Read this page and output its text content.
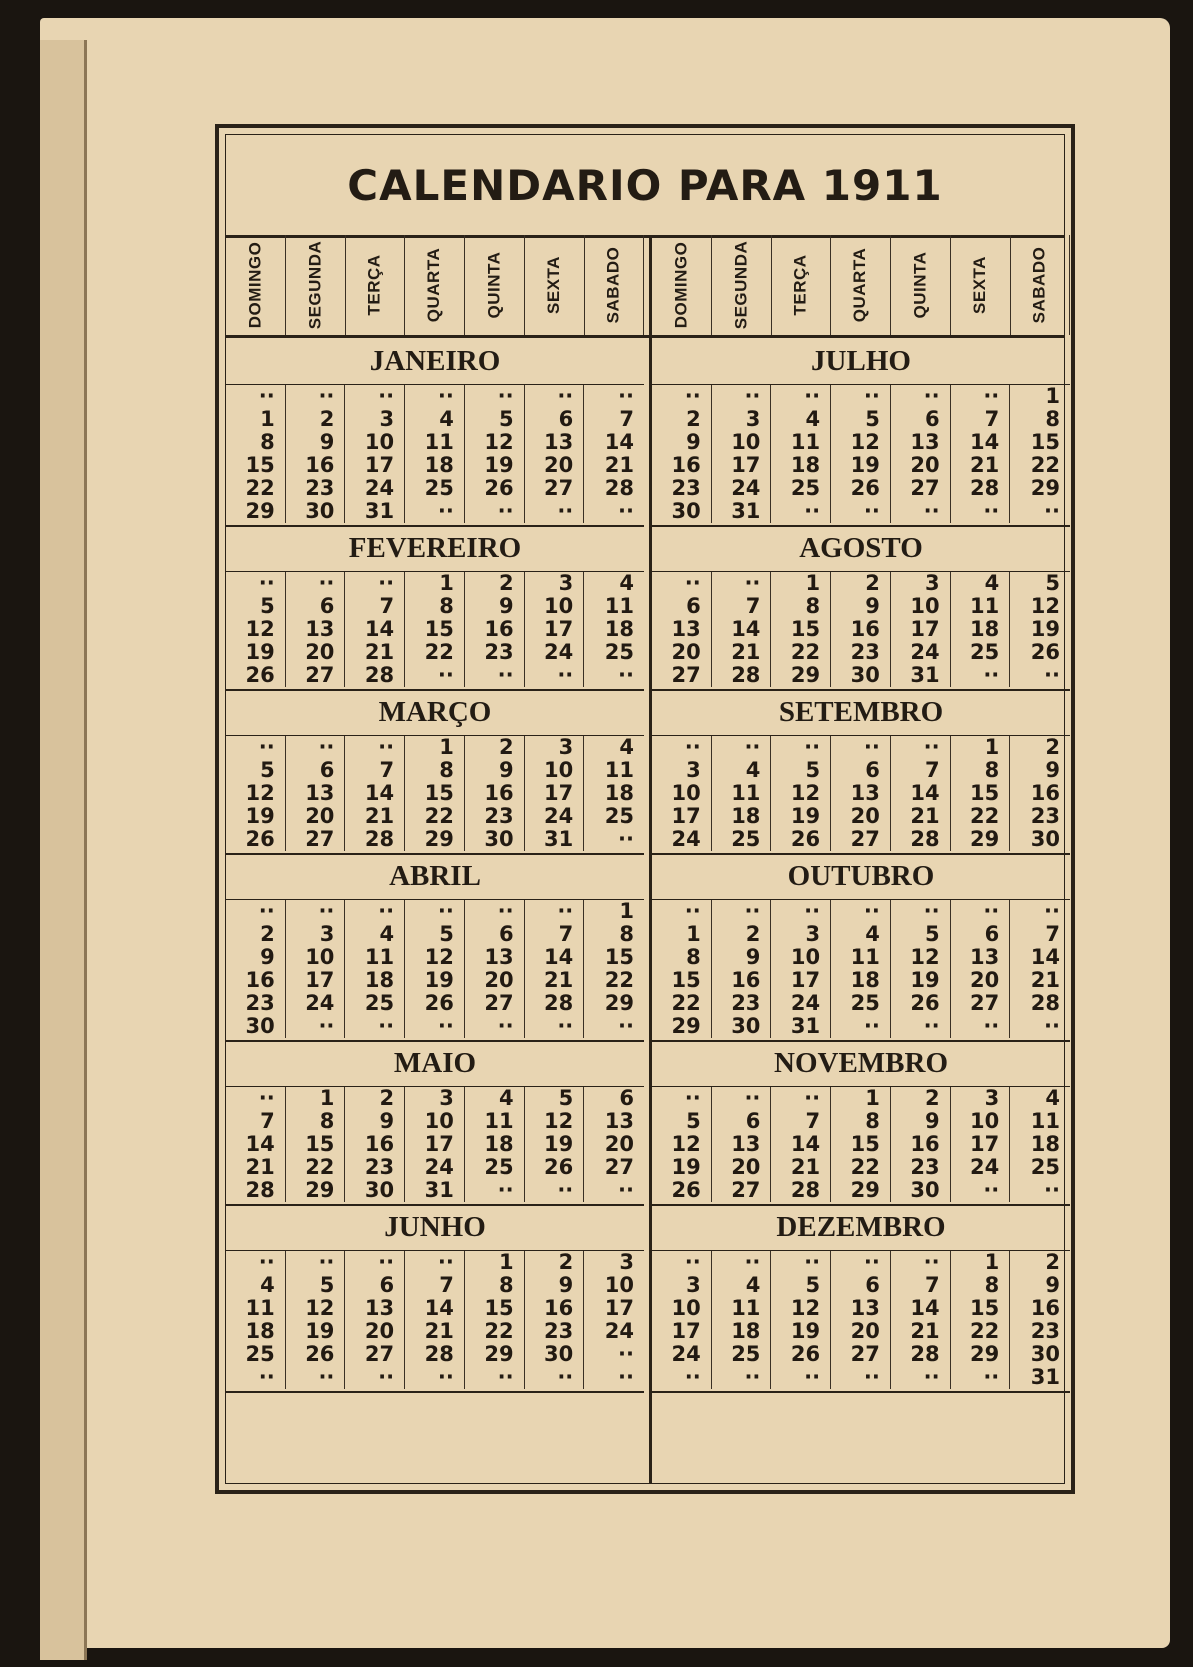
CALENDARIO PARA 1911
DOMINGO SEGUNDA TERÇA QUARTA QUINTA SEXTA SABADO	DOMINGO SEGUNDA TERÇA QUARTA QUINTA SEXTA SABADO
JANEIRO
··	··	··	··	··	··	··
1	2	3	4	5	6	7
8	9	10	11	12	13	14
15	16	17	18	19	20	21
22	23	24	25	26	27	28
29	30	31	··	··	··	··
JULHO
··	··	··	··	··	··	1
2	3	4	5	6	7	8
9	10	11	12	13	14	15
16	17	18	19	20	21	22
23	24	25	26	27	28	29
30	31	··	··	··	··	··
FEVEREIRO
··	··	··	1	2	3	4
5	6	7	8	9	10	11
12	13	14	15	16	17	18
19	20	21	22	23	24	25
26	27	28	··	··	··	··
AGOSTO
··	··	1	2	3	4	5
6	7	8	9	10	11	12
13	14	15	16	17	18	19
20	21	22	23	24	25	26
27	28	29	30	31	··	··
MARÇO
··	··	··	1	2	3	4
5	6	7	8	9	10	11
12	13	14	15	16	17	18
19	20	21	22	23	24	25
26	27	28	29	30	31	··
SETEMBRO
··	··	··	··	··	1	2
3	4	5	6	7	8	9
10	11	12	13	14	15	16
17	18	19	20	21	22	23
24	25	26	27	28	29	30
ABRIL
··	··	··	··	··	··	1
2	3	4	5	6	7	8
9	10	11	12	13	14	15
16	17	18	19	20	21	22
23	24	25	26	27	28	29
30	··	··	··	··	··	··
OUTUBRO
··	··	··	··	··	··	··
1	2	3	4	5	6	7
8	9	10	11	12	13	14
15	16	17	18	19	20	21
22	23	24	25	26	27	28
29	30	31	··	··	··	··
MAIO
··	1	2	3	4	5	6
7	8	9	10	11	12	13
14	15	16	17	18	19	20
21	22	23	24	25	26	27
28	29	30	31	··	··	··
NOVEMBRO
··	··	··	1	2	3	4
5	6	7	8	9	10	11
12	13	14	15	16	17	18
19	20	21	22	23	24	25
26	27	28	29	30	··	··
JUNHO
··	··	··	··	1	2	3
4	5	6	7	8	9	10
11	12	13	14	15	16	17
18	19	20	21	22	23	24
25	26	27	28	29	30	··
··	··	··	··	··	··	··
DEZEMBRO
··	··	··	··	··	1	2
3	4	5	6	7	8	9
10	11	12	13	14	15	16
17	18	19	20	21	22	23
24	25	26	27	28	29	30
··	··	··	··	··	··	31
